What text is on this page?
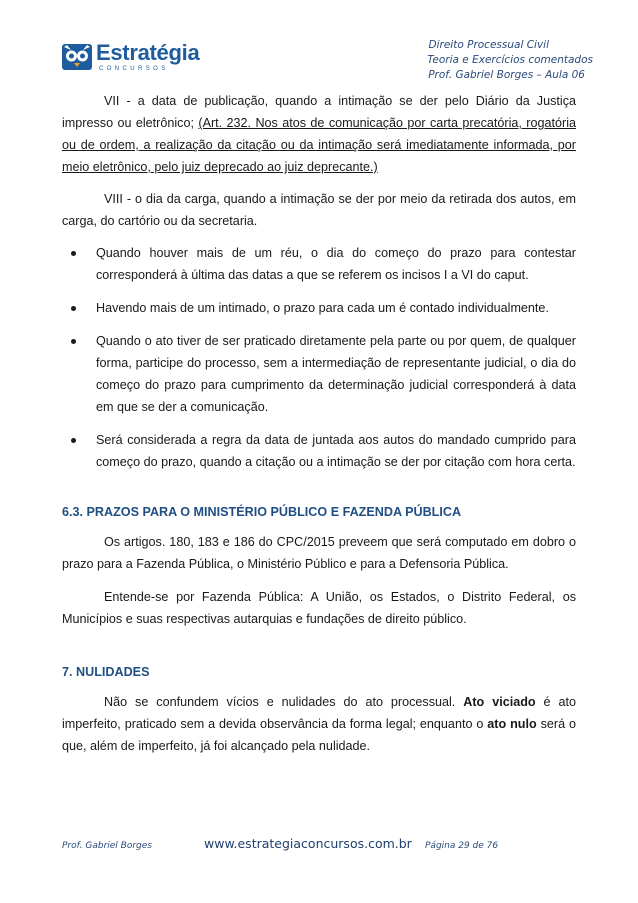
Estratégia
CONCURSOS
Direito Processual Civil
Teoria e Exercícios comentados
Prof. Gabriel Borges – Aula 06

VII - a data de publicação, quando a intimação se der pelo Diário da Justiça impresso ou eletrônico; (Art. 232. Nos atos de comunicação por carta precatória, rogatória ou de ordem, a realização da citação ou da intimação será imediatamente informada, por meio eletrônico, pelo juiz deprecado ao juiz deprecante.)

VIII - o dia da carga, quando a intimação se der por meio da retirada dos autos, em carga, do cartório ou da secretaria.

Quando houver mais de um réu, o dia do começo do prazo para contestar corresponderá à última das datas a que se referem os incisos I a VI do caput.
Havendo mais de um intimado, o prazo para cada um é contado individualmente.
Quando o ato tiver de ser praticado diretamente pela parte ou por quem, de qualquer forma, participe do processo, sem a intermediação de representante judicial, o dia do começo do prazo para cumprimento da determinação judicial corresponderá à data em que se der a comunicação.
Será considerada a regra da data de juntada aos autos do mandado cumprido para começo do prazo, quando a citação ou a intimação se der por citação com hora certa.
6.3. PRAZOS PARA O MINISTÉRIO PÚBLICO E FAZENDA PÚBLICA

Os artigos. 180, 183 e 186 do CPC/2015 preveem que será computado em dobro o prazo para a Fazenda Pública, o Ministério Público e para a Defensoria Pública.

Entende-se por Fazenda Pública: A União, os Estados, o Distrito Federal, os Municípios e suas respectivas autarquias e fundações de direito público.

7. NULIDADES

Não se confundem vícios e nulidades do ato processual. Ato viciado é ato imperfeito, praticado sem a devida observância da forma legal; enquanto o ato nulo será o que, além de imperfeito, já foi alcançado pela nulidade.

Prof. Gabriel Borges	www.estrategiaconcursos.com.br Página 29 de 76
